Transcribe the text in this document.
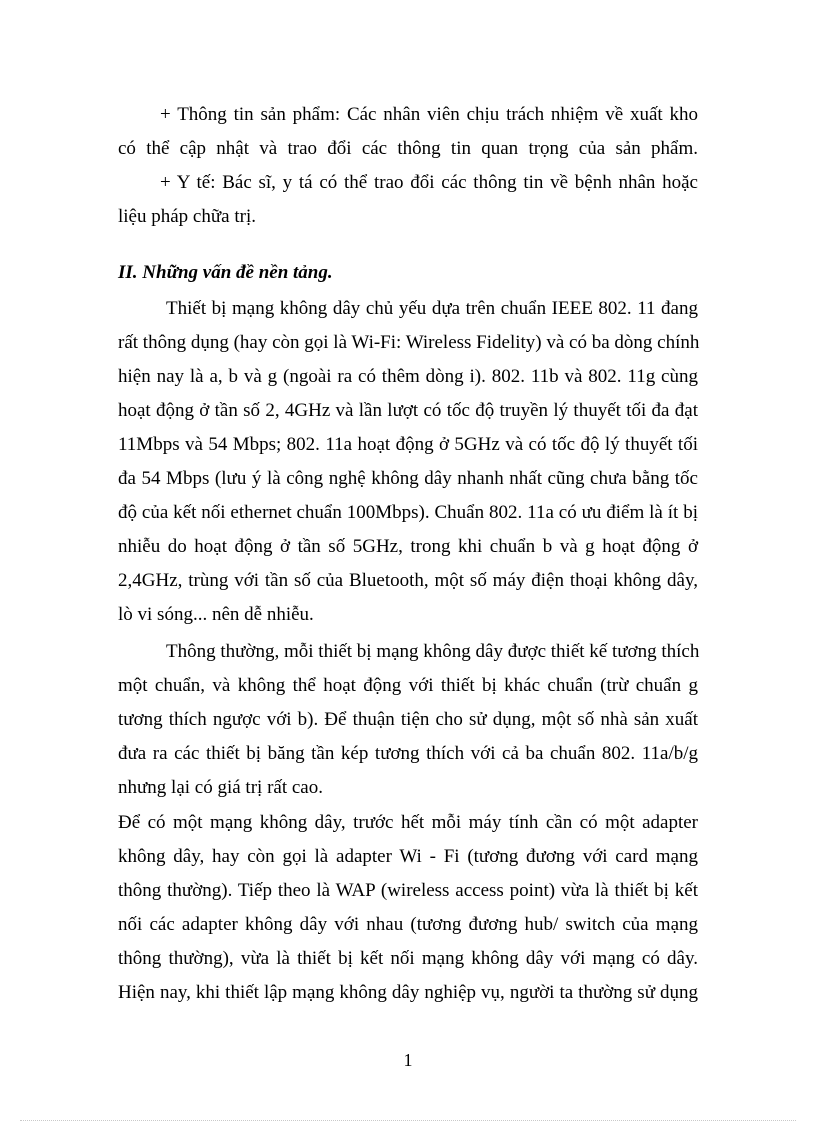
+ Thông tin sản phẩm: Các nhân viên chịu trách nhiệm về xuất kho
có thể cập nhật và trao đổi các thông tin quan trọng của sản phẩm.
+ Y tế: Bác sĩ, y tá có thể trao đổi các thông tin về bệnh nhân hoặc
liệu pháp chữa trị.
II. Những vấn đề nền tảng.
Thiết bị mạng không dây chủ yếu dựa trên chuẩn IEEE 802. 11 đang
rất thông dụng (hay còn gọi là Wi-Fi: Wireless Fidelity) và có ba dòng chính
hiện nay là a, b và g (ngoài ra có thêm dòng i). 802. 11b và 802. 11g cùng
hoạt động ở tần số 2, 4GHz và lần lượt có tốc độ truyền lý thuyết tối đa đạt
11Mbps và 54 Mbps; 802. 11a hoạt động ở 5GHz và có tốc độ lý thuyết tối
đa 54 Mbps (lưu ý là công nghệ không dây nhanh nhất cũng chưa bằng tốc
độ của kết nối ethernet chuẩn 100Mbps). Chuẩn 802. 11a có ưu điểm là ít bị
nhiễu do hoạt động ở tần số 5GHz, trong khi chuẩn b và g hoạt động ở
2,4GHz, trùng với tần số của Bluetooth, một số máy điện thoại không dây,
lò vi sóng... nên dễ nhiễu.
Thông thường, mỗi thiết bị mạng không dây được thiết kế tương thích
một chuẩn, và không thể hoạt động với thiết bị khác chuẩn (trừ chuẩn g
tương thích ngược với b). Để thuận tiện cho sử dụng, một số nhà sản xuất
đưa ra các thiết bị băng tần kép tương thích với cả ba chuẩn 802. 11a/b/g
nhưng lại có giá trị rất cao.
Để có một mạng không dây, trước hết mỗi máy tính cần có một adapter
không dây, hay còn gọi là adapter Wi - Fi (tương đương với card mạng
thông thường). Tiếp theo là WAP (wireless access point) vừa là thiết bị kết
nối các adapter không dây với nhau (tương đương hub/ switch của mạng
thông thường), vừa là thiết bị kết nối mạng không dây với mạng có dây.
Hiện nay, khi thiết lập mạng không dây nghiệp vụ, người ta thường sử dụng
1
